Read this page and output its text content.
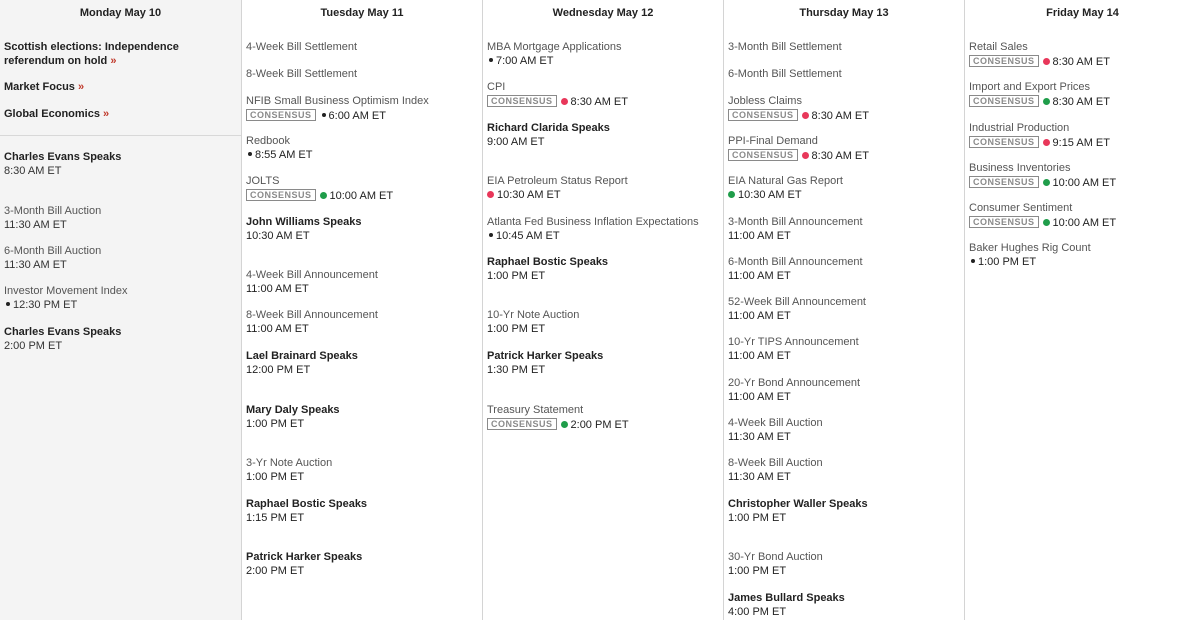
Monday May 10
Scottish elections: Independence
referendum on hold »
Market Focus »
Global Economics »
Charles Evans Speaks
8:30 AM ET
3-Month Bill Auction
11:30 AM ET
6-Month Bill Auction
11:30 AM ET
Investor Movement Index
12:30 PM ET
Charles Evans Speaks
2:00 PM ET
Tuesday May 11
4-Week Bill Settlement
8-Week Bill Settlement
NFIB Small Business Optimism Index
CONSENSUS 6:00 AM ET
Redbook
8:55 AM ET
JOLTS
CONSENSUS 10:00 AM ET
John Williams Speaks
10:30 AM ET
4-Week Bill Announcement
11:00 AM ET
8-Week Bill Announcement
11:00 AM ET
Lael Brainard Speaks
12:00 PM ET
Mary Daly Speaks
1:00 PM ET
3-Yr Note Auction
1:00 PM ET
Raphael Bostic Speaks
1:15 PM ET
Patrick Harker Speaks
2:00 PM ET
Wednesday May 12
MBA Mortgage Applications
7:00 AM ET
CPI
CONSENSUS 8:30 AM ET
Richard Clarida Speaks
9:00 AM ET
EIA Petroleum Status Report
10:30 AM ET
Atlanta Fed Business Inflation Expectations
10:45 AM ET
Raphael Bostic Speaks
1:00 PM ET
10-Yr Note Auction
1:00 PM ET
Patrick Harker Speaks
1:30 PM ET
Treasury Statement
CONSENSUS 2:00 PM ET
Thursday May 13
3-Month Bill Settlement
6-Month Bill Settlement
Jobless Claims
CONSENSUS 8:30 AM ET
PPI-Final Demand
CONSENSUS 8:30 AM ET
EIA Natural Gas Report
10:30 AM ET
3-Month Bill Announcement
11:00 AM ET
6-Month Bill Announcement
11:00 AM ET
52-Week Bill Announcement
11:00 AM ET
10-Yr TIPS Announcement
11:00 AM ET
20-Yr Bond Announcement
11:00 AM ET
4-Week Bill Auction
11:30 AM ET
8-Week Bill Auction
11:30 AM ET
Christopher Waller Speaks
1:00 PM ET
30-Yr Bond Auction
1:00 PM ET
James Bullard Speaks
4:00 PM ET
Friday May 14
Retail Sales
CONSENSUS 8:30 AM ET
Import and Export Prices
CONSENSUS 8:30 AM ET
Industrial Production
CONSENSUS 9:15 AM ET
Business Inventories
CONSENSUS 10:00 AM ET
Consumer Sentiment
CONSENSUS 10:00 AM ET
Baker Hughes Rig Count
1:00 PM ET
